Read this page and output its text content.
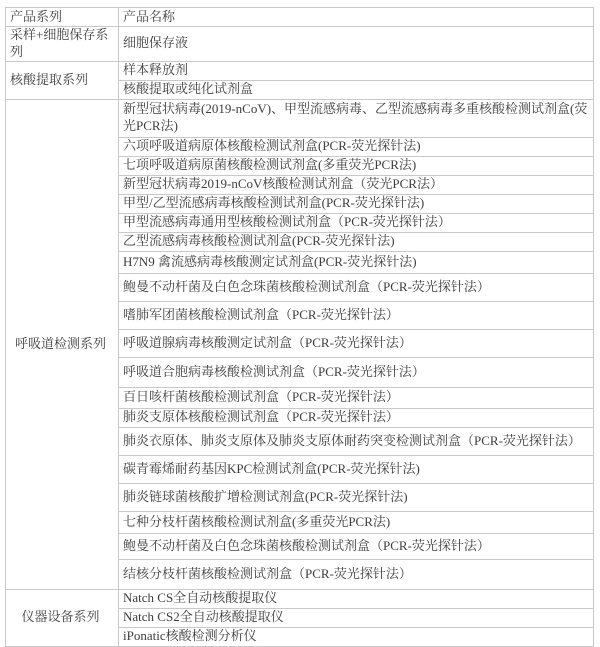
产品系列	产品名称
采样+细胞保存系列	细胞保存液
核酸提取系列	样本释放剂
	核酸提取或纯化试剂盒
呼吸道检测系列	新型冠状病毒(2019-nCoV)、甲型流感病毒、乙型流感病毒多重核酸检测试剂盒(荧光PCR法)
	六项呼吸道病原体核酸检测试剂盒(PCR-荧光探针法)
	七项呼吸道病原菌核酸检测试剂盒(多重荧光PCR法)
	新型冠状病毒2019-nCoV核酸检测试剂盒（荧光PCR法）
	甲型/乙型流感病毒核酸检测试剂盒(PCR-荧光探针法)
	甲型流感病毒通用型核酸检测试剂盒（PCR-荧光探针法）
	乙型流感病毒核酸检测试剂盒(PCR-荧光探针法)
	H7N9 禽流感病毒核酸测定试剂盒(PCR-荧光探针法)
	鲍曼不动杆菌及白色念珠菌核酸检测试剂盒（PCR-荧光探针法）
	嗜肺军团菌核酸检测试剂盒（PCR-荧光探针法）
	呼吸道腺病毒核酸测定试剂盒（PCR-荧光探针法）
	呼吸道合胞病毒核酸检测试剂盒（PCR-荧光探针法）
	百日咳杆菌核酸检测试剂盒（PCR-荧光探针法）
	肺炎支原体核酸检测试剂盒（PCR-荧光探针法）
	肺炎衣原体、肺炎支原体及肺炎支原体耐药突变检测试剂盒（PCR-荧光探针法）
	碳青霉烯耐药基因KPC检测试剂盒(PCR-荧光探针法)
	肺炎链球菌核酸扩增检测试剂盒(PCR-荧光探针法)
	七种分枝杆菌核酸检测试剂盒(多重荧光PCR法)
	鲍曼不动杆菌及白色念珠菌核酸检测试剂盒（PCR-荧光探针法）
	结核分枝杆菌核酸检测试剂盒（PCR-荧光探针法）
仪器设备系列	Natch CS全自动核酸提取仪
	Natch CS2全自动核酸提取仪
	iPonatic核酸检测分析仪
